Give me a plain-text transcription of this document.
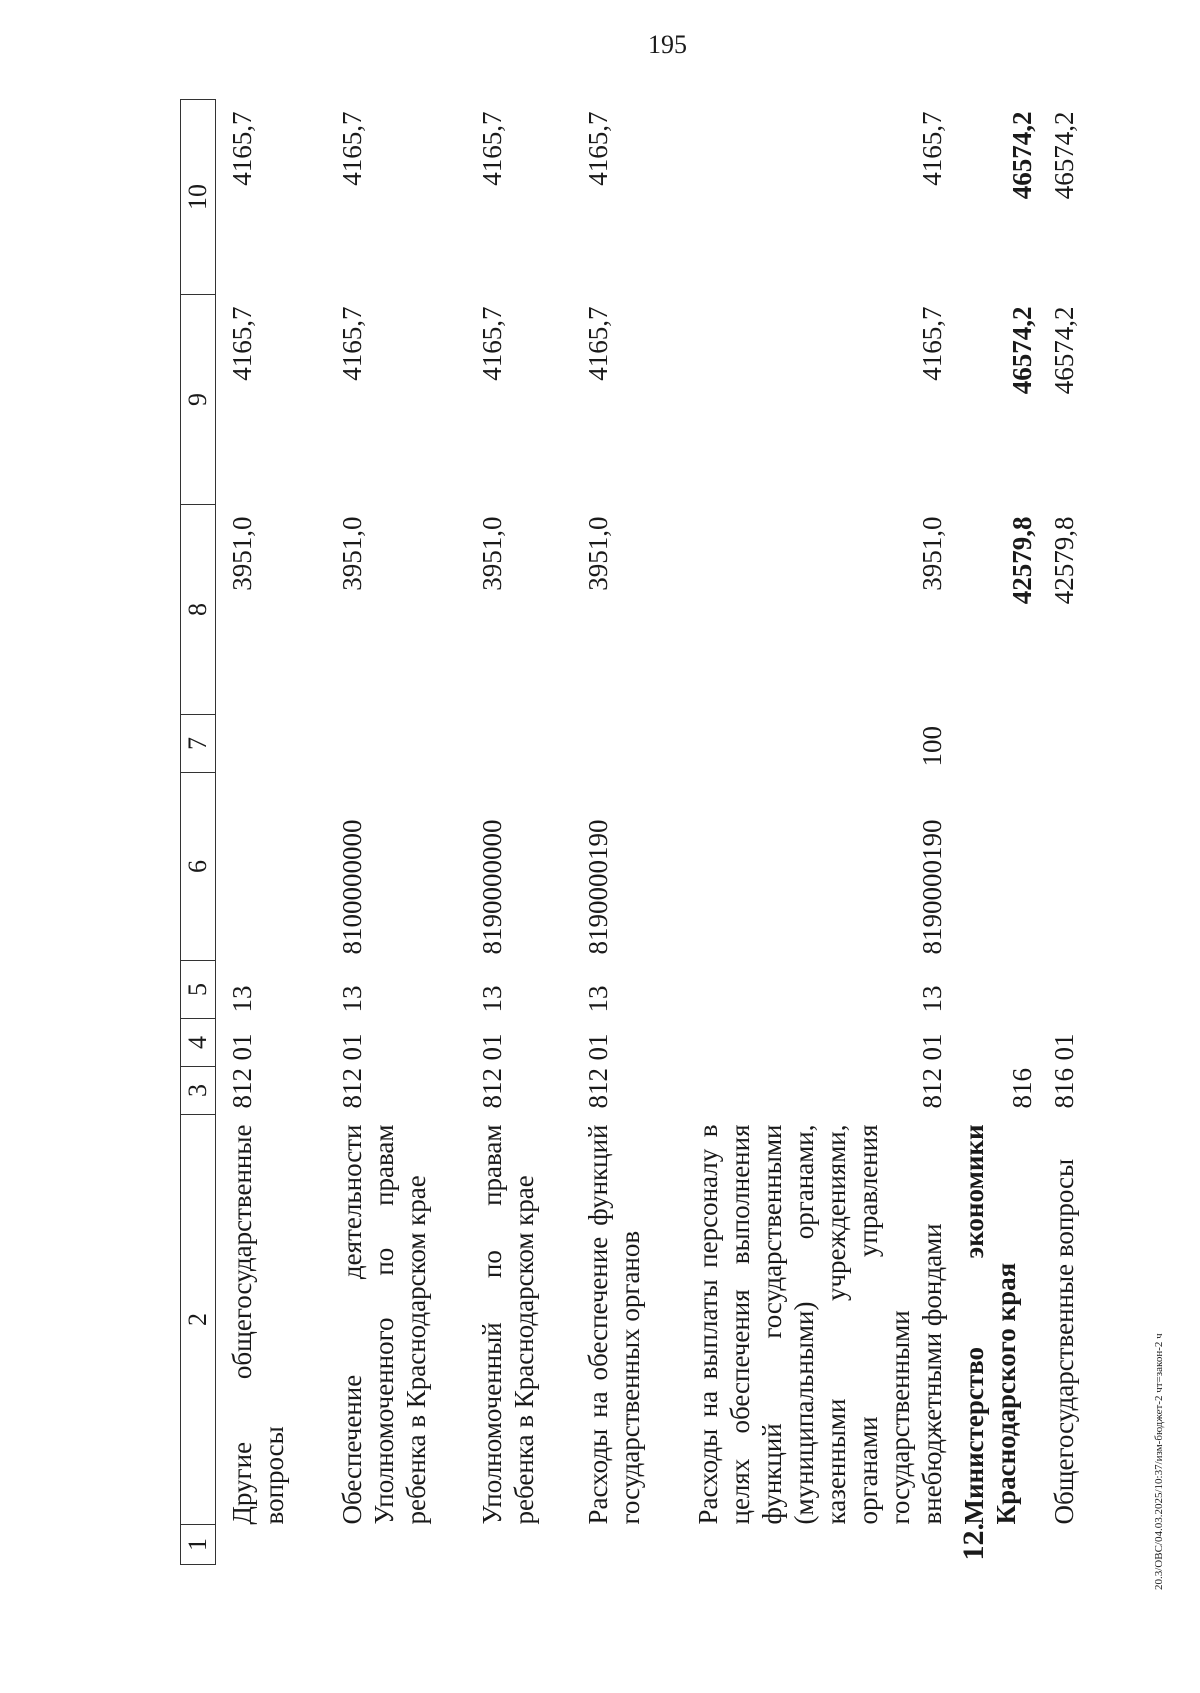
195
1	2	3	4	5	6	7	8	9	10
	Другие общегосударственные вопросы	812	01	13			3951,0	4165,7	4165,7
	Обеспечение деятельности Уполномоченного по правам ребенка в Краснодарском крае	812	01	13	8100000000		3951,0	4165,7	4165,7
	Уполномоченный по правам ребенка в Краснодарском крае	812	01	13	8190000000		3951,0	4165,7	4165,7
	Расходы на обеспечение функций государственных органов	812	01	13	8190000190		3951,0	4165,7	4165,7
	Расходы на выплаты персоналу в целях обеспечения выполнения функций государственными (муниципальными) органами, казенными учреждениями, органами управления государственными внебюджетными фондами	812	01	13	8190000190	100	3951,0	4165,7	4165,7
12.	Министерство экономики Краснодарского края	816					42579,8	46574,2	46574,2
	Общегосударственные вопросы	816	01				42579,8	46574,2	46574,2
20.3/ОВС/04.03.2025/10:37/изм-бюджет-2 чт=закон-2 ч
